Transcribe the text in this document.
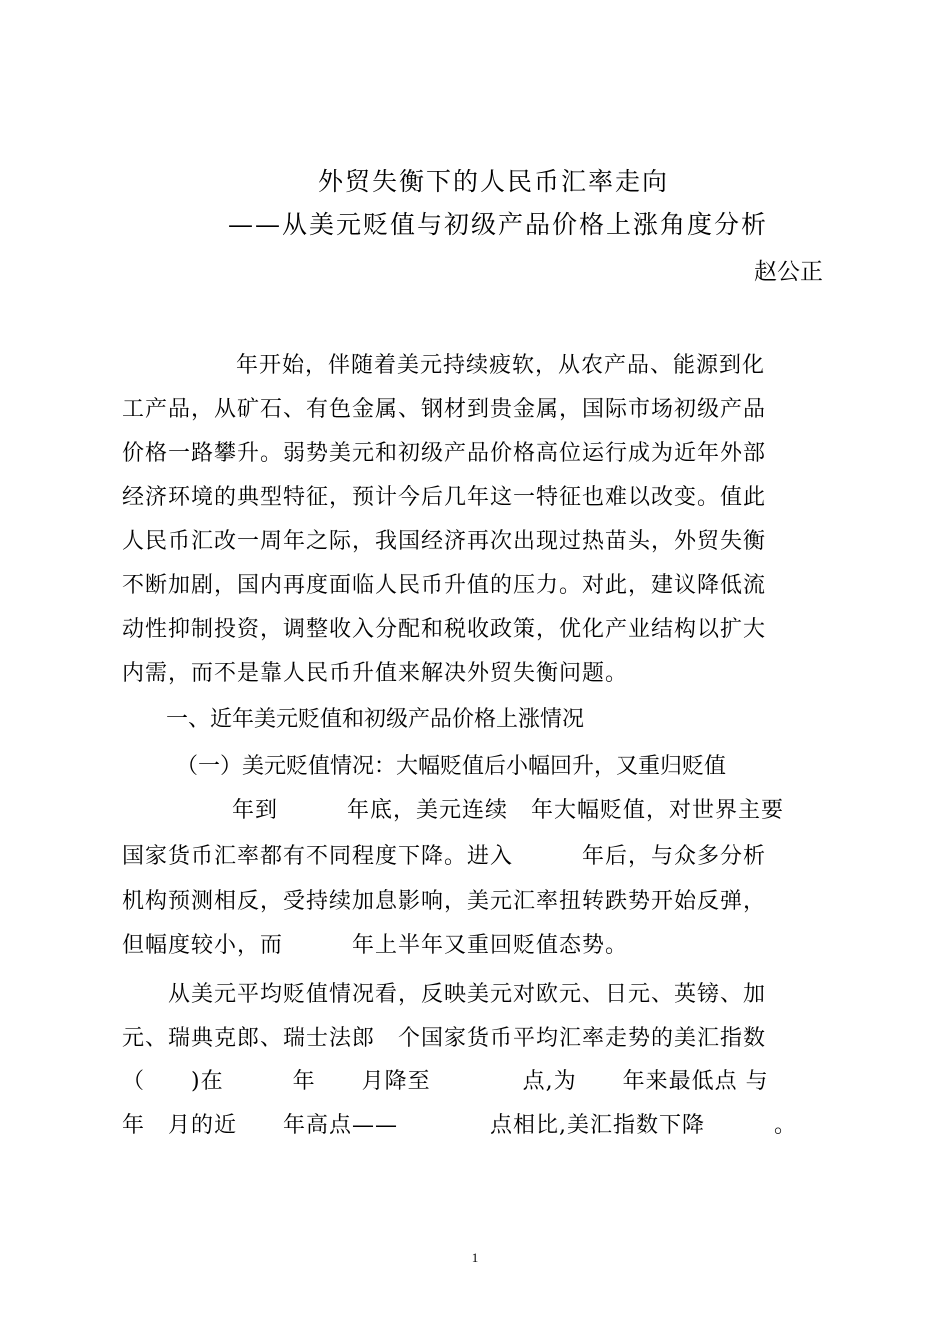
外贸失衡下的人民币汇率走向
——从美元贬值与初级产品价格上涨角度分析
赵公正
年开始，伴随着美元持续疲软，从农产品、能源到化
工产品，从矿石、有色金属、钢材到贵金属，国际市场初级产品
价格一路攀升。弱势美元和初级产品价格高位运行成为近年外部
经济环境的典型特征，预计今后几年这一特征也难以改变。值此
人民币汇改一周年之际，我国经济再次出现过热苗头，外贸失衡
不断加剧，国内再度面临人民币升值的压力。对此，建议降低流
动性抑制投资，调整收入分配和税收政策，优化产业结构以扩大
内需，而不是靠人民币升值来解决外贸失衡问题。
一、近年美元贬值和初级产品价格上涨情况
（一）美元贬值情况：大幅贬值后小幅回升，又重归贬值
年到　　　年底，美元连续　年大幅贬值，对世界主要
国家货币汇率都有不同程度下降。进入　　　年后，与众多分析
机构预测相反，受持续加息影响，美元汇率扭转跌势开始反弹，
但幅度较小，而　　　年上半年又重回贬值态势。
从美元平均贬值情况看，反映美元对欧元、日元、英镑、加
元、瑞典克郎、瑞士法郎　个国家货币平均汇率走势的美汇指数
（　　)在　　　年　　月降至　　　　点,为　　年来最低点 与
年　月的近　　年高点——　　　　点相比,美汇指数下降　　　。
1
